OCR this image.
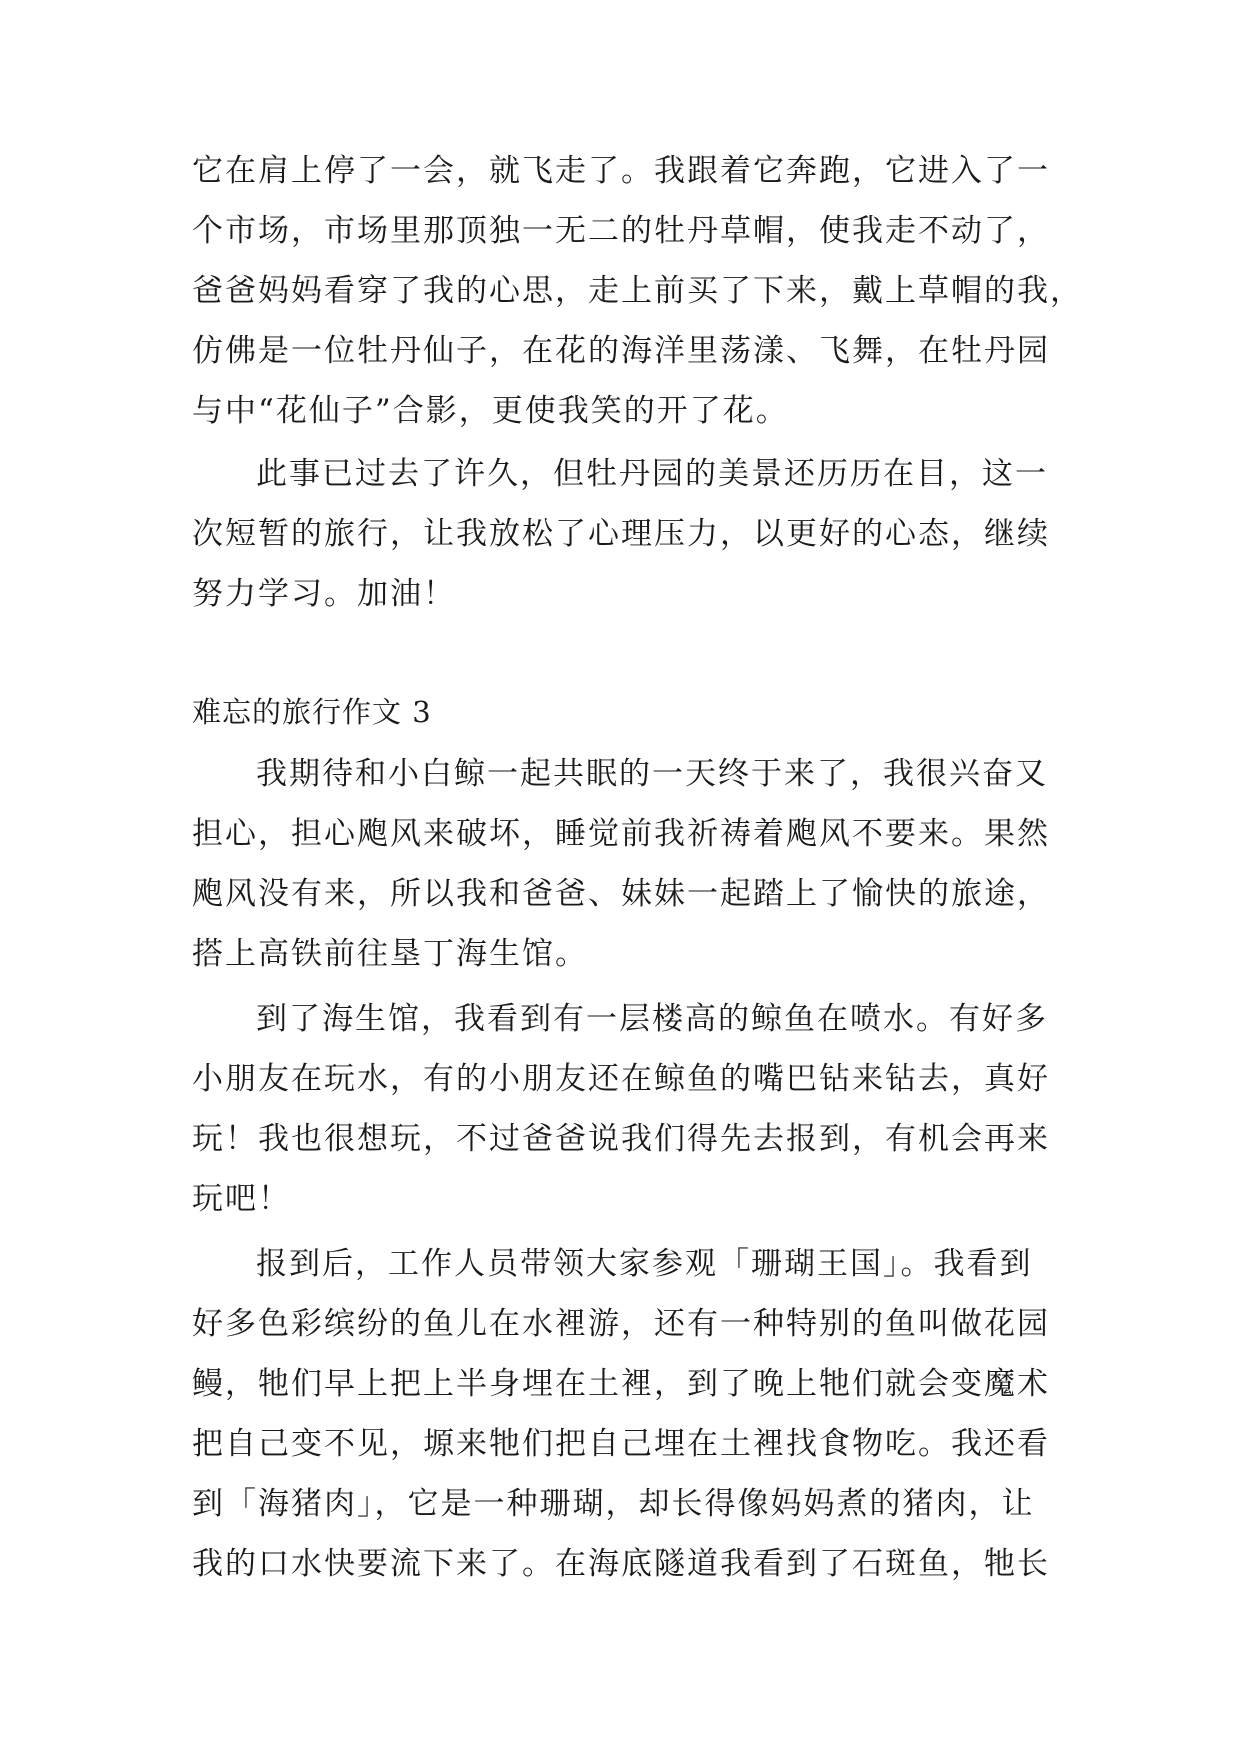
它在肩上停了一会，就飞走了。我跟着它奔跑，它进入了一
个市场，市场里那顶独一无二的牡丹草帽，使我走不动了，
爸爸妈妈看穿了我的心思，走上前买了下来，戴上草帽的我，
仿佛是一位牡丹仙子，在花的海洋里荡漾、飞舞，在牡丹园
与中“花仙子”合影，更使我笑的开了花。
此事已过去了许久，但牡丹园的美景还历历在目，这一
次短暂的旅行，让我放松了心理压力，以更好的心态，继续
努力学习。加油！
难忘的旅行作文 3
我期待和小白鲸一起共眠的一天终于来了，我很兴奋又
担心，担心飑风来破坏，睡觉前我祈祷着飑风不要来。果然
飑风没有来，所以我和爸爸、妹妹一起踏上了愉快的旅途，
搭上高铁前往垦丁海生馆。
到了海生馆，我看到有一层楼高的鲸鱼在喷水。有好多
小朋友在玩水，有的小朋友还在鲸鱼的嘴巴钻来钻去，真好
玩！我也很想玩，不过爸爸说我们得先去报到，有机会再来
玩吧！
报到后，工作人员带领大家参观「珊瑚王国」。我看到
好多色彩缤纷的鱼儿在水裡游，还有一种特别的鱼叫做花园
鳗，牠们早上把上半身埋在土裡，到了晚上牠们就会变魔术
把自己变不见，塬来牠们把自己埋在土裡找食物吃。我还看
到「海猪肉」，它是一种珊瑚，却长得像妈妈煮的猪肉，让
我的口水快要流下来了。在海底隧道我看到了石斑鱼，牠长
